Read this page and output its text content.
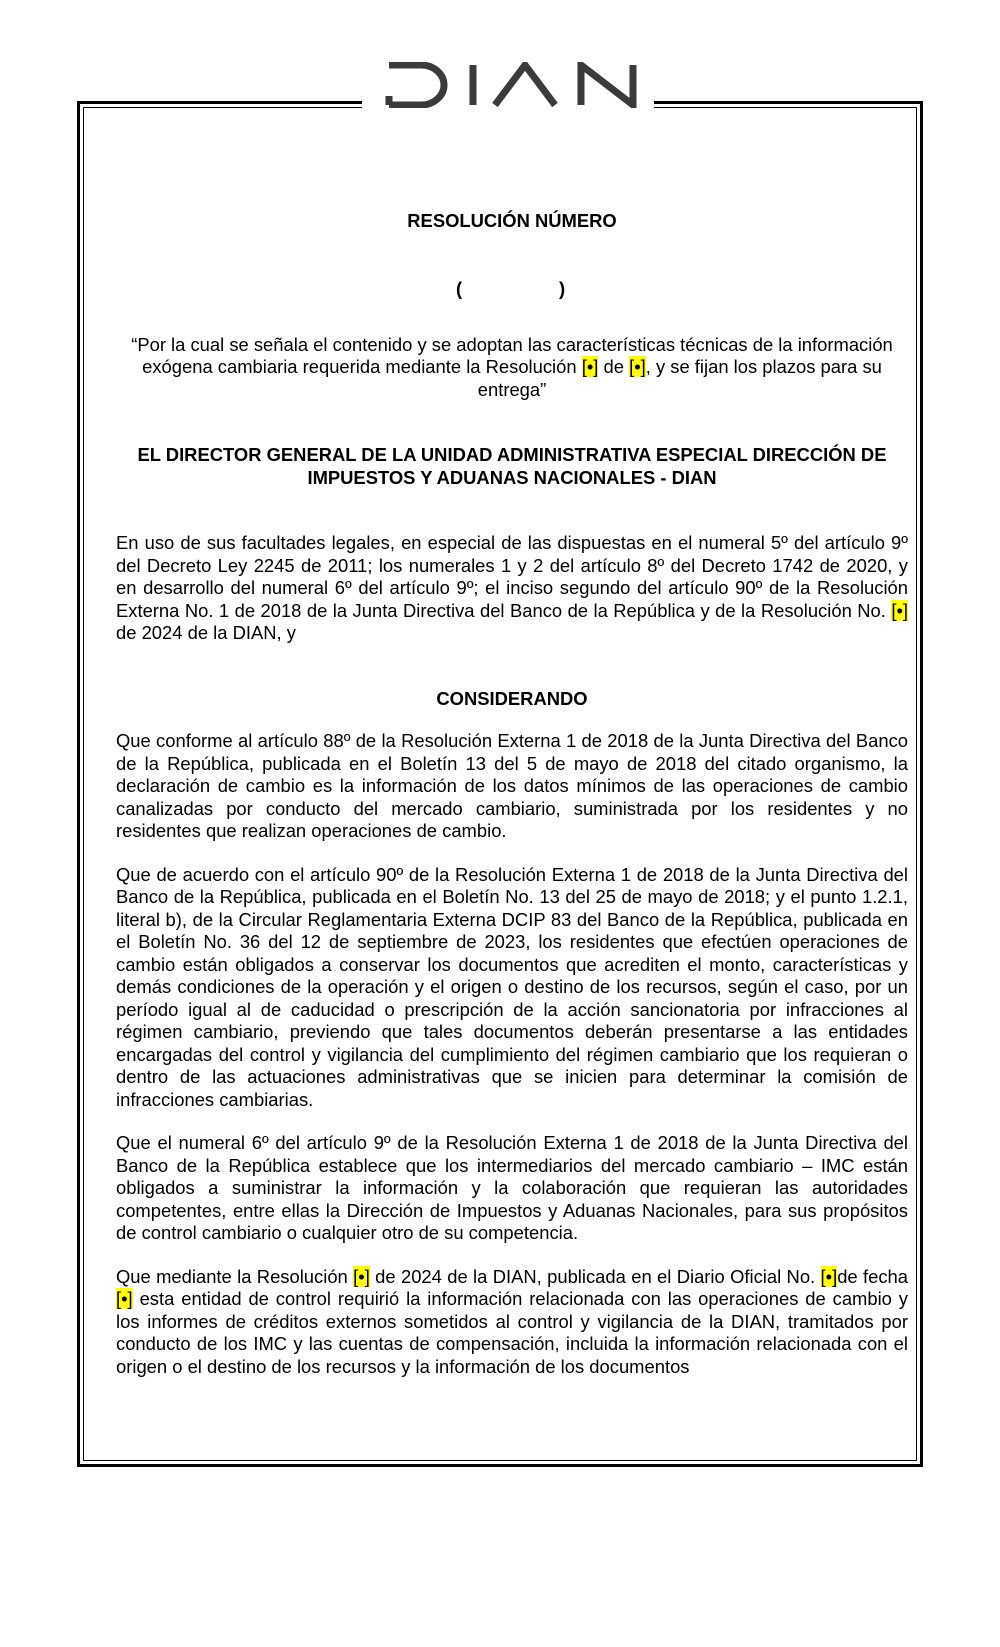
RESOLUCIÓN NÚMERO

(	)

“Por la cual se señala el contenido y se adoptan las características técnicas de la información exógena cambiaria requerida mediante la Resolución [•] de [•], y se fijan los plazos para su entrega”

EL DIRECTOR GENERAL DE LA UNIDAD ADMINISTRATIVA ESPECIAL DIRECCIÓN DE IMPUESTOS Y ADUANAS NACIONALES - DIAN

En uso de sus facultades legales, en especial de las dispuestas en el numeral 5º del artículo 9º del Decreto Ley 2245 de 2011; los numerales 1 y 2 del artículo 8º del Decreto 1742 de 2020, y en desarrollo del numeral 6º del artículo 9º; el inciso segundo del artículo 90º de la Resolución Externa No. 1 de 2018 de la Junta Directiva del Banco de la República y de la Resolución No. [•] de 2024 de la DIAN, y

CONSIDERANDO

Que conforme al artículo 88º de la Resolución Externa 1 de 2018 de la Junta Directiva del Banco de la República, publicada en el Boletín 13 del 5 de mayo de 2018 del citado organismo, la declaración de cambio es la información de los datos mínimos de las operaciones de cambio canalizadas por conducto del mercado cambiario, suministrada por los residentes y no residentes que realizan operaciones de cambio.

Que de acuerdo con el artículo 90º de la Resolución Externa 1 de 2018 de la Junta Directiva del Banco de la República, publicada en el Boletín No. 13 del 25 de mayo de 2018; y el punto 1.2.1, literal b), de la Circular Reglamentaria Externa DCIP 83 del Banco de la República, publicada en el Boletín No. 36 del 12 de septiembre de 2023, los residentes que efectúen operaciones de cambio están obligados a conservar los documentos que acrediten el monto, características y demás condiciones de la operación y el origen o destino de los recursos, según el caso, por un período igual al de caducidad o prescripción de la acción sancionatoria por infracciones al régimen cambiario, previendo que tales documentos deberán presentarse a las entidades encargadas del control y vigilancia del cumplimiento del régimen cambiario que los requieran o dentro de las actuaciones administrativas que se inicien para determinar la comisión de infracciones cambiarias.

Que el numeral 6º del artículo 9º de la Resolución Externa 1 de 2018 de la Junta Directiva del Banco de la República establece que los intermediarios del mercado cambiario – IMC están obligados a suministrar la información y la colaboración que requieran las autoridades competentes, entre ellas la Dirección de Impuestos y Aduanas Nacionales, para sus propósitos de control cambiario o cualquier otro de su competencia.

Que mediante la Resolución [•] de 2024 de la DIAN, publicada en el Diario Oficial No. [•]de fecha [•] esta entidad de control requirió la información relacionada con las operaciones de cambio y los informes de créditos externos sometidos al control y vigilancia de la DIAN, tramitados por conducto de los IMC y las cuentas de compensación, incluida la información relacionada con el origen o el destino de los recursos y la información de los documentos
